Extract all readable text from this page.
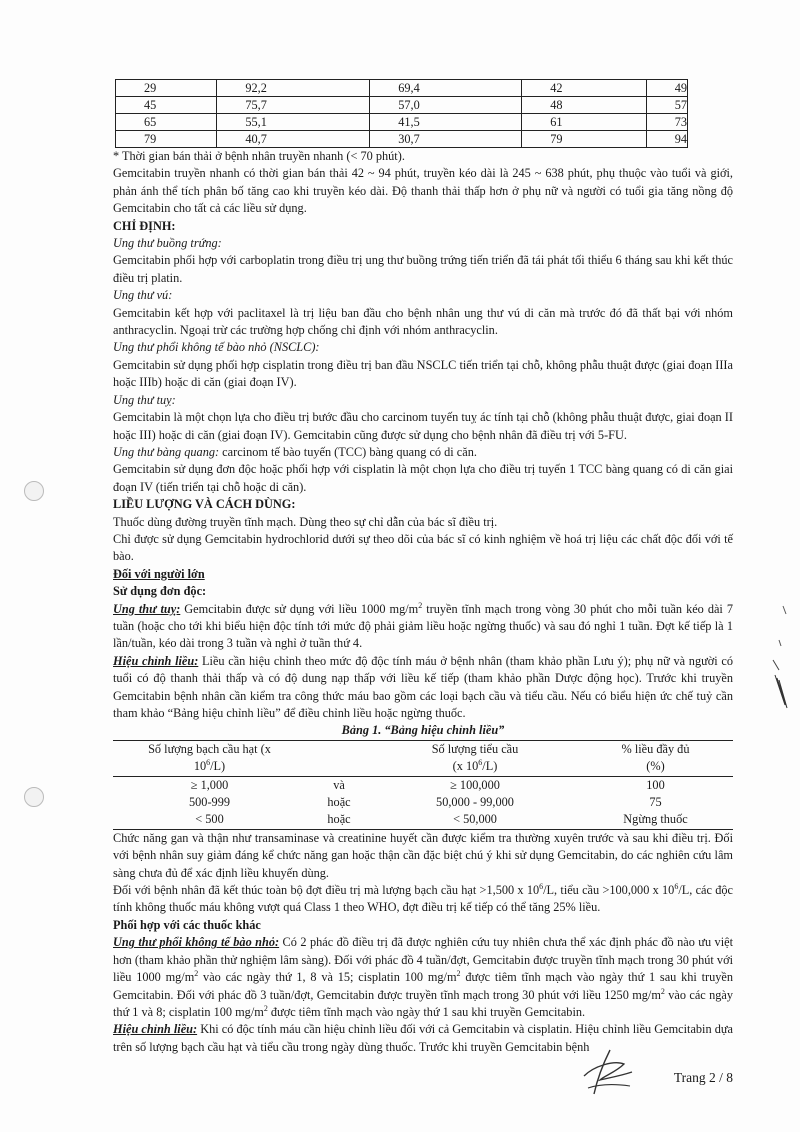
29	92,2	69,4	42	49
45	75,7	57,0	48	57
65	55,1	41,5	61	73
79	40,7	30,7	79	94

* Thời gian bán thải ở bệnh nhân truyền nhanh (< 70 phút).

Gemcitabin truyền nhanh có thời gian bán thải 42 ~ 94 phút, truyền kéo dài là 245 ~ 638 phút, phụ thuộc vào tuổi và giới, phản ánh thể tích phân bố tăng cao khi truyền kéo dài. Độ thanh thải thấp hơn ở phụ nữ và người có tuổi gia tăng nồng độ Gemcitabin cho tất cả các liều sử dụng.

CHỈ ĐỊNH:

Ung thư buồng trứng:

Gemcitabin phối hợp với carboplatin trong điều trị ung thư buồng trứng tiến triển đã tái phát tối thiểu 6 tháng sau khi kết thúc điều trị platin.

Ung thư vú:

Gemcitabin kết hợp với paclitaxel là trị liệu ban đầu cho bệnh nhân ung thư vú di căn mà trước đó đã thất bại với nhóm anthracyclin. Ngoại trừ các trường hợp chống chỉ định với nhóm anthracyclin.

Ung thư phổi không tế bào nhỏ (NSCLC):

Gemcitabin sử dụng phối hợp cisplatin trong điều trị ban đầu NSCLC tiến triển tại chỗ, không phẫu thuật được (giai đoạn IIIa hoặc IIIb) hoặc di căn (giai đoạn IV).

Ung thư tuỵ:

Gemcitabin là một chọn lựa cho điều trị bước đầu cho carcinom tuyến tuỵ ác tính tại chỗ (không phẫu thuật được, giai đoạn II hoặc III) hoặc di căn (giai đoạn IV). Gemcitabin cũng được sử dụng cho bệnh nhân đã điều trị với 5-FU.

Ung thư bàng quang: carcinom tế bào tuyến (TCC) bàng quang có di căn.

Gemcitabin sử dụng đơn độc hoặc phối hợp với cisplatin là một chọn lựa cho điều trị tuyến 1 TCC bàng quang có di căn giai đoạn IV (tiến triển tại chỗ hoặc di căn).

LIỀU LƯỢNG VÀ CÁCH DÙNG:

Thuốc dùng đường truyền tĩnh mạch. Dùng theo sự chỉ dẫn của bác sĩ điều trị.

Chỉ được sử dụng Gemcitabin hydrochlorid dưới sự theo dõi của bác sĩ có kinh nghiệm về hoá trị liệu các chất độc đối với tế bào.

Đối với người lớn

Sử dụng đơn độc:

Ung thư tuỵ: Gemcitabin được sử dụng với liều 1000 $mg/m^2$ truyền tĩnh mạch trong vòng 30 phút cho mỗi tuần kéo dài 7 tuần (hoặc cho tới khi biểu hiện độc tính tới mức độ phải giảm liều hoặc ngừng thuốc) và sau đó nghỉ 1 tuần. Đợt kế tiếp là 1 lần/tuần, kéo dài trong 3 tuần và nghỉ ở tuần thứ 4.

Hiệu chỉnh liều: Liều cần hiệu chỉnh theo mức độ độc tính máu ở bệnh nhân (tham khảo phần Lưu ý); phụ nữ và người có tuổi có độ thanh thải thấp và có độ dung nạp thấp với liều kế tiếp (tham khảo phần Dược động học). Trước khi truyền Gemcitabin bệnh nhân cần kiểm tra công thức máu bao gồm các loại bạch cầu và tiểu cầu. Nếu có biểu hiện ức chế tuỷ cần tham khảo “Bảng hiệu chỉnh liều” để điều chỉnh liều hoặc ngừng thuốc.

Bảng 1. “Bảng hiệu chỉnh liều”			
Số lượng bạch cầu hạt (x		Số lượng tiểu cầu	% liều đầy đủ
$10^6/L$)		(x $10^6/L$)	(%)
≥ 1,000	và	≥ 100,000	100
500-999	hoặc	50,000 - 99,000	75
< 500	hoặc	< 50,000	Ngừng thuốc

Chức năng gan và thận như transaminase và creatinine huyết cần được kiểm tra thường xuyên trước và sau khi điều trị. Đối với bệnh nhân suy giảm đáng kể chức năng gan hoặc thận cần đặc biệt chú ý khi sử dụng Gemcitabin, do các nghiên cứu lâm sàng chưa đủ để xác định liều khuyến dùng.

Đối với bệnh nhân đã kết thúc toàn bộ đợt điều trị mà lượng bạch cầu hạt >1,500 x $10^6/L$, tiểu cầu >100,000 x $10^6/L$, các độc tính không thuốc máu không vượt quá Class 1 theo WHO, đợt điều trị kế tiếp có thể tăng 25% liều.

Phối hợp với các thuốc khác

Ung thư phổi không tế bào nhỏ: Có 2 phác đồ điều trị đã được nghiên cứu tuy nhiên chưa thể xác định phác đồ nào ưu việt hơn (tham khảo phần thử nghiệm lâm sàng). Đối với phác đồ 4 tuần/đợt, Gemcitabin được truyền tĩnh mạch trong 30 phút với liều 1000 $mg/m^2$ vào các ngày thứ 1, 8 và 15; cisplatin 100 $mg/m^2$ được tiêm tĩnh mạch vào ngày thứ 1 sau khi truyền Gemcitabin. Đối với phác đồ 3 tuần/đợt, Gemcitabin được truyền tĩnh mạch trong 30 phút với liều 1250 $mg/m^2$ vào các ngày thứ 1 và 8; cisplatin 100 $mg/m^2$ được tiêm tĩnh mạch vào ngày thứ 1 sau khi truyền Gemcitabin.

Hiệu chỉnh liều: Khi có độc tính máu cần hiệu chỉnh liều đối với cả Gemcitabin và cisplatin. Hiệu chỉnh liều Gemcitabin dựa trên số lượng bạch cầu hạt và tiểu cầu trong ngày dùng thuốc. Trước khi truyền Gemcitabin bệnh

Trang 2 / 8
